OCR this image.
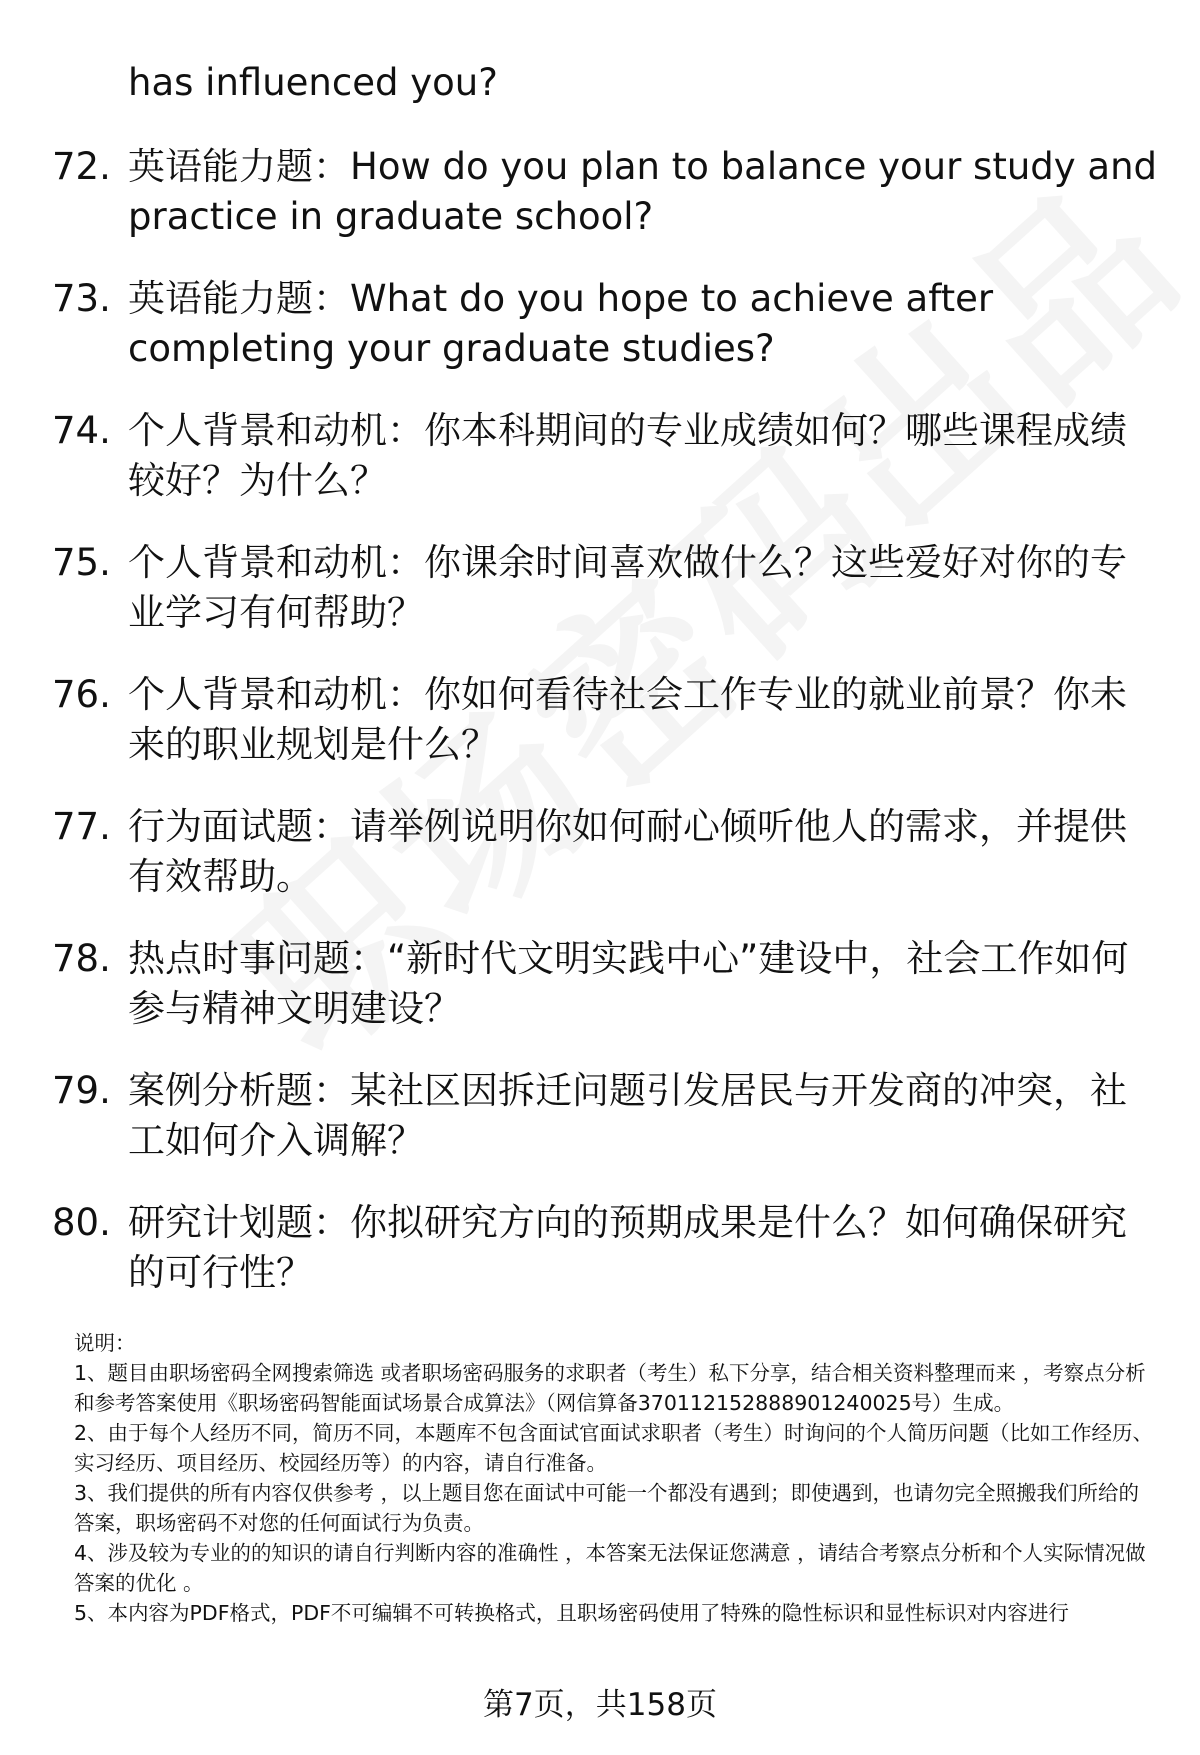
has influenced you?
72. 英语能力题：How do you plan to balance your study and practice in graduate school?
73. 英语能力题：What do you hope to achieve after completing your graduate studies?
74. 个人背景和动机：你本科期间的专业成绩如何？哪些课程成绩较好？为什么？
75. 个人背景和动机：你课余时间喜欢做什么？这些爱好对你的专业学习有何帮助？
76. 个人背景和动机：你如何看待社会工作专业的就业前景？你未来的职业规划是什么？
77. 行为面试题：请举例说明你如何耐心倾听他人的需求，并提供有效帮助。
78. 热点时事问题：“新时代文明实践中心”建设中，社会工作如何参与精神文明建设？
79. 案例分析题：某社区因拆迁问题引发居民与开发商的冲突，社工如何介入调解？
80. 研究计划题：你拟研究方向的预期成果是什么？如何确保研究的可行性？
说明：
1、题目由职场密码全网搜索筛选 或者职场密码服务的求职者（考生）私下分享，结合相关资料整理而来 ，考察点分析和参考答案使用《职场密码智能面试场景合成算法》（网信算备370112152888901240025号）生成。
2、由于每个人经历不同，简历不同，本题库不包含面试官面试求职者（考生）时询问的个人简历问题（比如工作经历、实习经历、项目经历、校园经历等）的内容，请自行准备。
3、我们提供的所有内容仅供参考 ，以上题目您在面试中可能一个都没有遇到；即使遇到，也请勿完全照搬我们所给的答案，职场密码不对您的任何面试行为负责。
4、涉及较为专业的的知识的请自行判断内容的准确性 ，本答案无法保证您满意 ，请结合考察点分析和个人实际情况做答案的优化 。
5、本内容为PDF格式，PDF不可编辑不可转换格式，且职场密码使用了特殊的隐性标识和显性标识对内容进行
第7页，共158页
